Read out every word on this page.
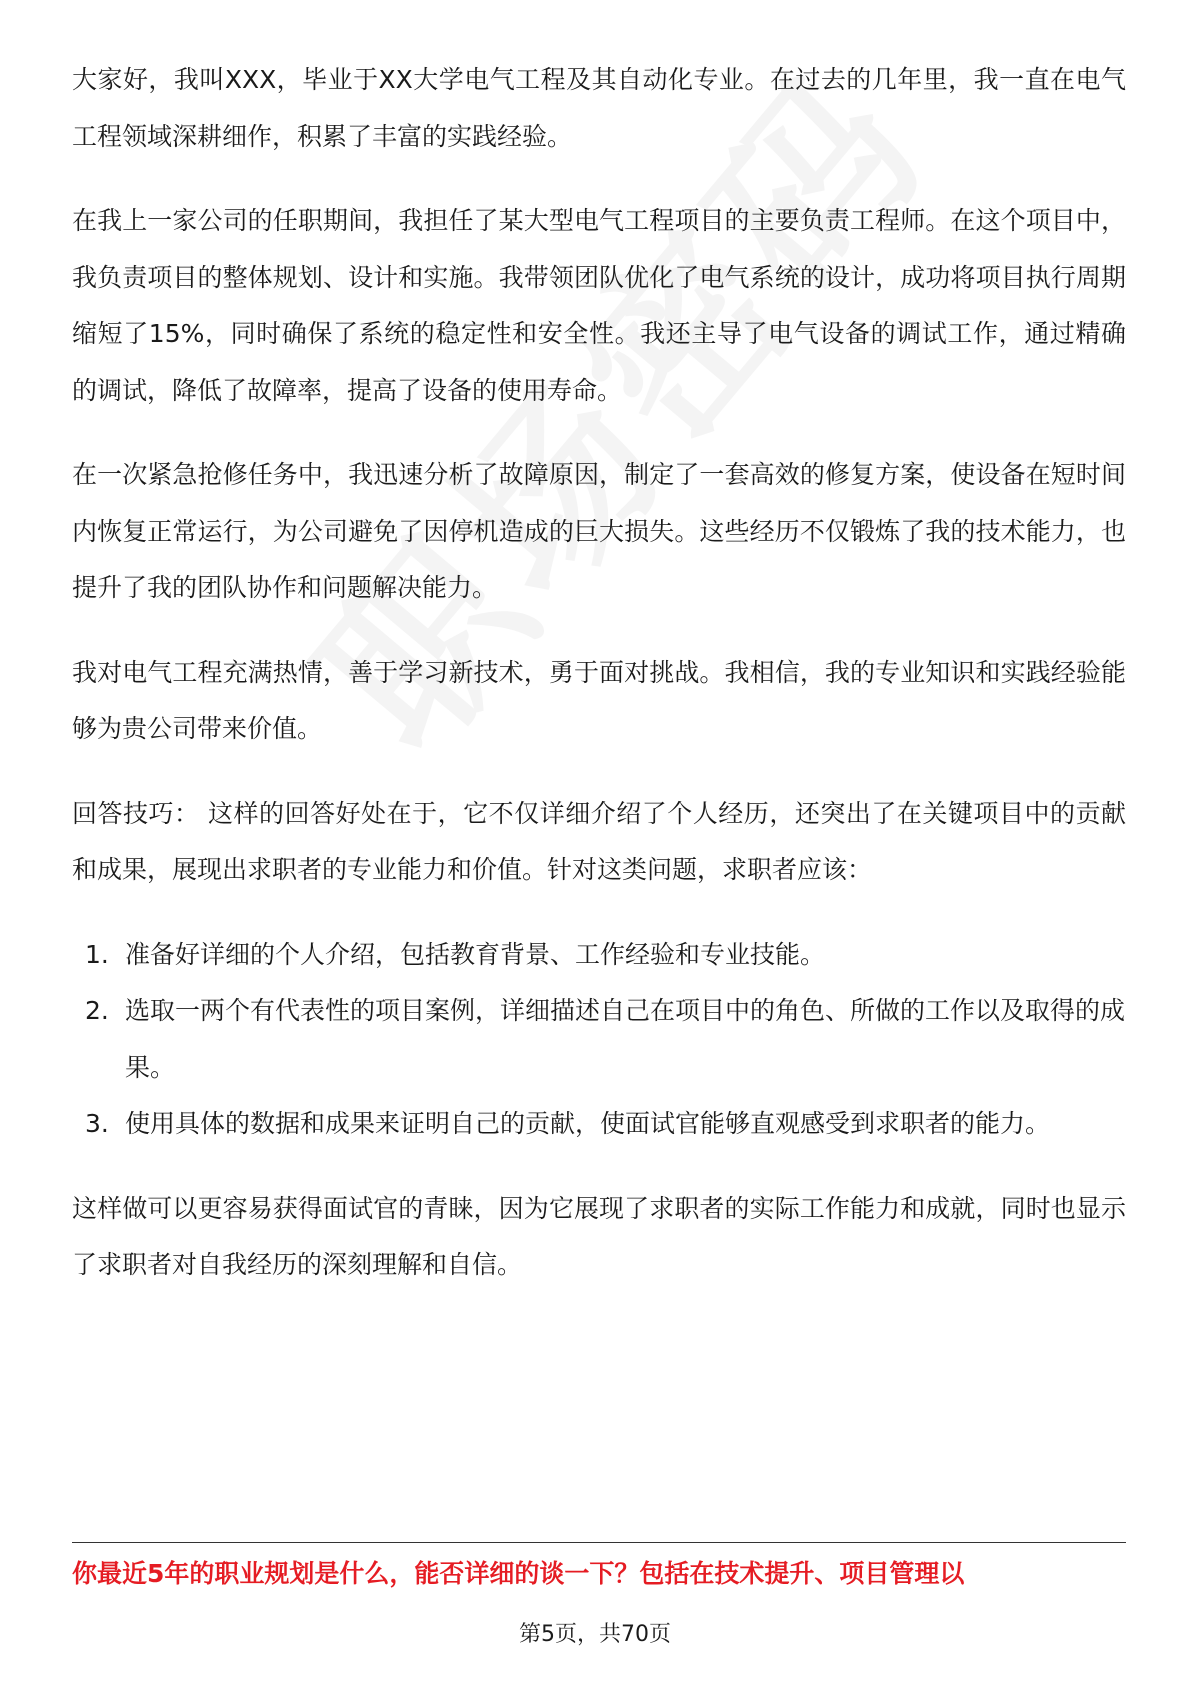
大家好，我叫XXX，毕业于XX大学电气工程及其自动化专业。在过去的几年里，我一直在电气工程领域深耕细作，积累了丰富的实践经验。

在我上一家公司的任职期间，我担任了某大型电气工程项目的主要负责工程师。在这个项目中，我负责项目的整体规划、设计和实施。我带领团队优化了电气系统的设计，成功将项目执行周期缩短了15%，同时确保了系统的稳定性和安全性。我还主导了电气设备的调试工作，通过精确的调试，降低了故障率，提高了设备的使用寿命。

在一次紧急抢修任务中，我迅速分析了故障原因，制定了一套高效的修复方案，使设备在短时间内恢复正常运行，为公司避免了因停机造成的巨大损失。这些经历不仅锻炼了我的技术能力，也提升了我的团队协作和问题解决能力。

我对电气工程充满热情，善于学习新技术，勇于面对挑战。我相信，我的专业知识和实践经验能够为贵公司带来价值。

回答技巧： 这样的回答好处在于，它不仅详细介绍了个人经历，还突出了在关键项目中的贡献和成果，展现出求职者的专业能力和价值。针对这类问题，求职者应该：

1. 准备好详细的个人介绍，包括教育背景、工作经验和专业技能。
2. 选取一两个有代表性的项目案例，详细描述自己在项目中的角色、所做的工作以及取得的成果。
3. 使用具体的数据和成果来证明自己的贡献，使面试官能够直观感受到求职者的能力。

这样做可以更容易获得面试官的青睐，因为它展现了求职者的实际工作能力和成就，同时也显示了求职者对自我经历的深刻理解和自信。

你最近5年的职业规划是什么，能否详细的谈一下？包括在技术提升、项目管理以
第5页，共70页
